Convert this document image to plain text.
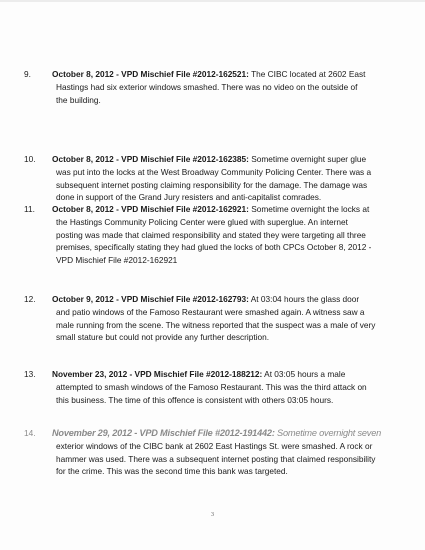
9.	October 8, 2012 - VPD Mischief File #2012-162521: The CIBC located at 2602 East
Hastings had six exterior windows smashed. There was no video on the outside of
the building.
10. October 8, 2012 - VPD Mischief File #2012-162385: Sometime overnight super glue
was put into the locks at the West Broadway Community Policing Center. There was a
subsequent internet posting claiming responsibility for the damage. The damage was
done in support of the Grand Jury resisters and anti-capitalist comrades.
11. October 8, 2012 - VPD Mischief File #2012-162921: Sometime overnight the locks at
the Hastings Community Policing Center were glued with superglue. An internet
posting was made that claimed responsibility and stated they were targeting all three
premises, specifically stating they had glued the locks of both CPCs October 8, 2012 -
VPD Mischief File #2012-162921
12. October 9, 2012 - VPD Mischief File #2012-162793: At 03:04 hours the glass door
and patio windows of the Famoso Restaurant were smashed again. A witness saw a
male running from the scene. The witness reported that the suspect was a male of very
small stature but could not provide any further description.
13. November 23, 2012 - VPD Mischief File #2012-188212: At 03:05 hours a male
attempted to smash windows of the Famoso Restaurant. This was the third attack on
this business. The time of this offence is consistent with others 03:05 hours.
14. November 29, 2012 - VPD Mischief File #2012-191442: Sometime overnight seven
exterior windows of the CIBC bank at 2602 East Hastings St. were smashed. A rock or
hammer was used. There was a subsequent internet posting that claimed responsibility
for the crime. This was the second time this bank was targeted.
3
